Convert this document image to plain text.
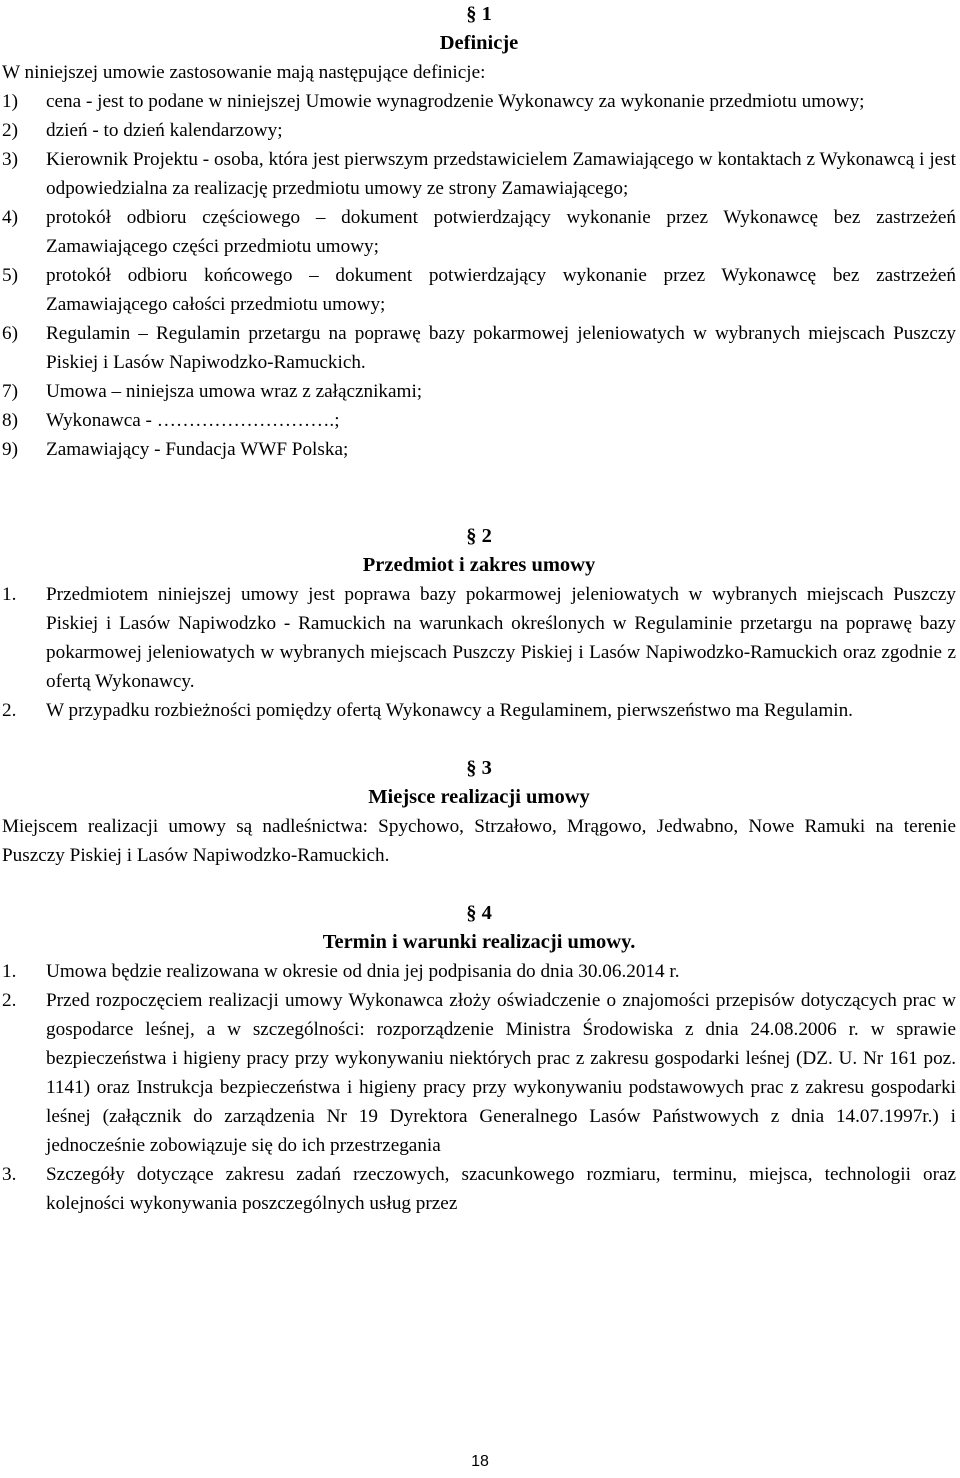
§ 1
Definicje
W niniejszej umowie zastosowanie mają następujące definicje:
1)	cena - jest to podane w niniejszej Umowie wynagrodzenie Wykonawcy za wykonanie przedmiotu umowy;
2)	dzień - to dzień kalendarzowy;
3)	Kierownik Projektu - osoba, która jest pierwszym przedstawicielem Zamawiającego w kontaktach z Wykonawcą i jest odpowiedzialna za realizację przedmiotu umowy ze strony Zamawiającego;
4)	protokół odbioru częściowego – dokument potwierdzający wykonanie przez Wykonawcę bez zastrzeżeń Zamawiającego części przedmiotu umowy;
5)	protokół odbioru końcowego – dokument potwierdzający wykonanie przez Wykonawcę bez zastrzeżeń Zamawiającego całości przedmiotu umowy;
6)	Regulamin – Regulamin przetargu na poprawę bazy pokarmowej jeleniowatych w wybranych miejscach Puszczy Piskiej i Lasów Napiwodzko-Ramuckich.
7)	Umowa – niniejsza umowa wraz z załącznikami;
8)	Wykonawca - ……………………….;
9)	Zamawiający - Fundacja WWF Polska;
§ 2
Przedmiot i zakres umowy
1.	Przedmiotem niniejszej umowy jest poprawa bazy pokarmowej jeleniowatych w wybranych miejscach Puszczy Piskiej i Lasów Napiwodzko - Ramuckich na warunkach określonych w Regulaminie przetargu na poprawę bazy pokarmowej jeleniowatych w wybranych miejscach Puszczy Piskiej i Lasów Napiwodzko-Ramuckich oraz zgodnie z ofertą Wykonawcy.
2.	W przypadku rozbieżności pomiędzy ofertą Wykonawcy a Regulaminem, pierwszeństwo ma Regulamin.
§ 3
Miejsce realizacji umowy
Miejscem realizacji umowy są nadleśnictwa: Spychowo, Strzałowo, Mrągowo, Jedwabno, Nowe Ramuki na terenie Puszczy Piskiej i Lasów Napiwodzko-Ramuckich.
§ 4
Termin i warunki realizacji umowy.
1.	Umowa będzie realizowana w okresie od dnia jej podpisania do dnia 30.06.2014 r.
2.	Przed rozpoczęciem realizacji umowy Wykonawca złoży oświadczenie o znajomości przepisów dotyczących prac w gospodarce leśnej, a w szczególności: rozporządzenie Ministra Środowiska z dnia 24.08.2006 r. w sprawie bezpieczeństwa i higieny pracy przy wykonywaniu niektórych prac z zakresu gospodarki leśnej (DZ. U. Nr 161 poz. 1141) oraz Instrukcja bezpieczeństwa i higieny pracy przy wykonywaniu podstawowych prac z zakresu gospodarki leśnej (załącznik do zarządzenia Nr 19 Dyrektora Generalnego Lasów Państwowych z dnia 14.07.1997r.) i jednocześnie zobowiązuje się do ich przestrzegania
3.	Szczegóły dotyczące zakresu zadań rzeczowych, szacunkowego rozmiaru, terminu, miejsca, technologii oraz kolejności wykonywania poszczególnych usług przez
18
